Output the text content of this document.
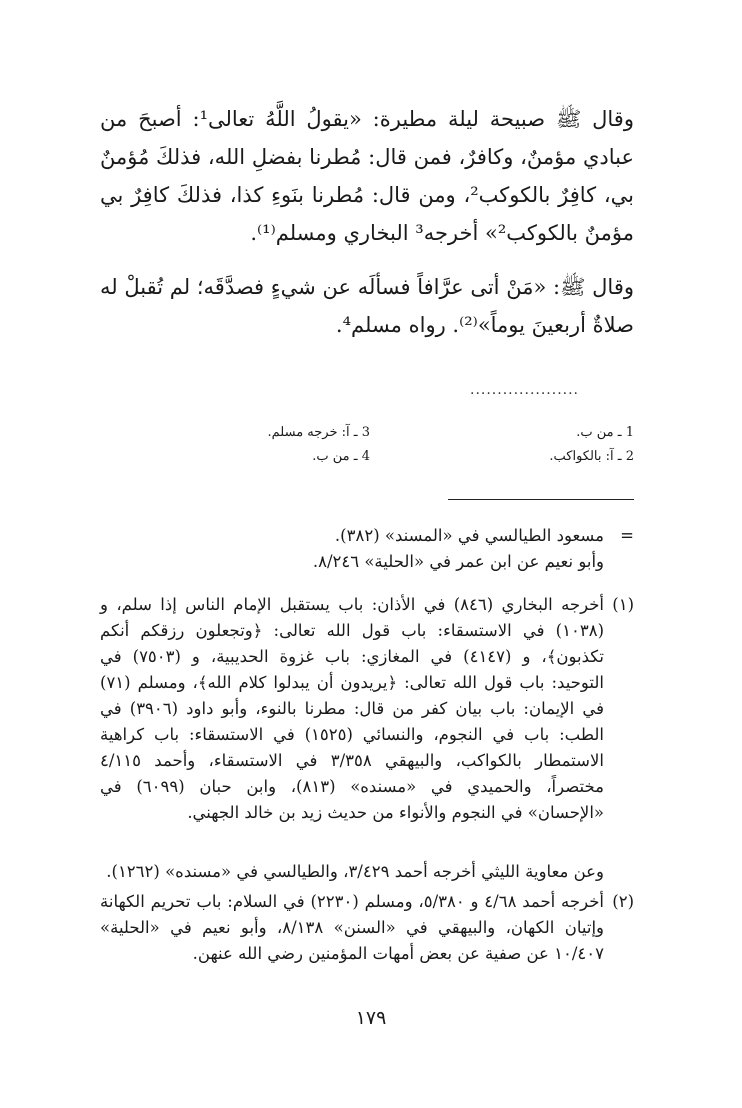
وقال ﷺ صبيحة ليلة مطيرة: «يقولُ اللَّهُ تعالى¹: أصبحَ من عبادي مؤمنٌ، وكافرٌ، فمن قال: مُطرنا بفضلِ الله، فذلكَ مُؤمنٌ بي، كافِرٌ بالكوكب²، ومن قال: مُطرنا بنَوءِ كذا، فذلكَ كافِرٌ بي مؤمنٌ بالكوكب²» أخرجه³ البخاري ومسلم⁽¹⁾.

وقال ﷺ: «مَنْ أتى عرَّافاً فسألَه عن شيءٍ فصدَّقَه؛ لم تُقبلْ له صلاةٌ أربعينَ يوماً»⁽²⁾. رواه مسلم⁴.

....................
1 ـ من ب.
2 ـ آ: بالكواكب.
3 ـ آ: خرجه مسلم.
4 ـ من ب.
=
مسعود الطيالسي في «المسند» (٣٨٢).
وأبو نعيم عن ابن عمر في «الحلية» ٨/٢٤٦.
(١)
أخرجه البخاري (٨٤٦) في الأذان: باب يستقبل الإمام الناس إذا سلم، و (١٠٣٨) في الاستسقاء: باب قول الله تعالى: ﴿وتجعلون رزقكم أنكم تكذبون﴾، و (٤١٤٧) في المغازي: باب غزوة الحديبية، و (٧٥٠٣) في التوحيد: باب قول الله تعالى: ﴿يريدون أن يبدلوا كلام الله﴾، ومسلم (٧١) في الإيمان: باب بيان كفر من قال: مطرنا بالنوء، وأبو داود (٣٩٠٦) في الطب: باب في النجوم، والنسائي (١٥٢٥) في الاستسقاء: باب كراهية الاستمطار بالكواكب، والبيهقي ٣/٣٥٨ في الاستسقاء، وأحمد ٤/١١٥ مختصراً، والحميدي في «مسنده» (٨١٣)، وابن حبان (٦٠٩٩) في «الإحسان» في النجوم والأنواء من حديث زيد بن خالد الجهني.
وعن معاوية الليثي أخرجه أحمد ٣/٤٢٩، والطيالسي في «مسنده» (١٢٦٢).
(٢)
أخرجه أحمد ٤/٦٨ و ٥/٣٨٠، ومسلم (٢٢٣٠) في السلام: باب تحريم الكهانة وإتيان الكهان، والبيهقي في «السنن» ٨/١٣٨، وأبو نعيم في «الحلية» ١٠/٤٠٧ عن صفية عن بعض أمهات المؤمنين رضي الله عنهن.
١٧٩
